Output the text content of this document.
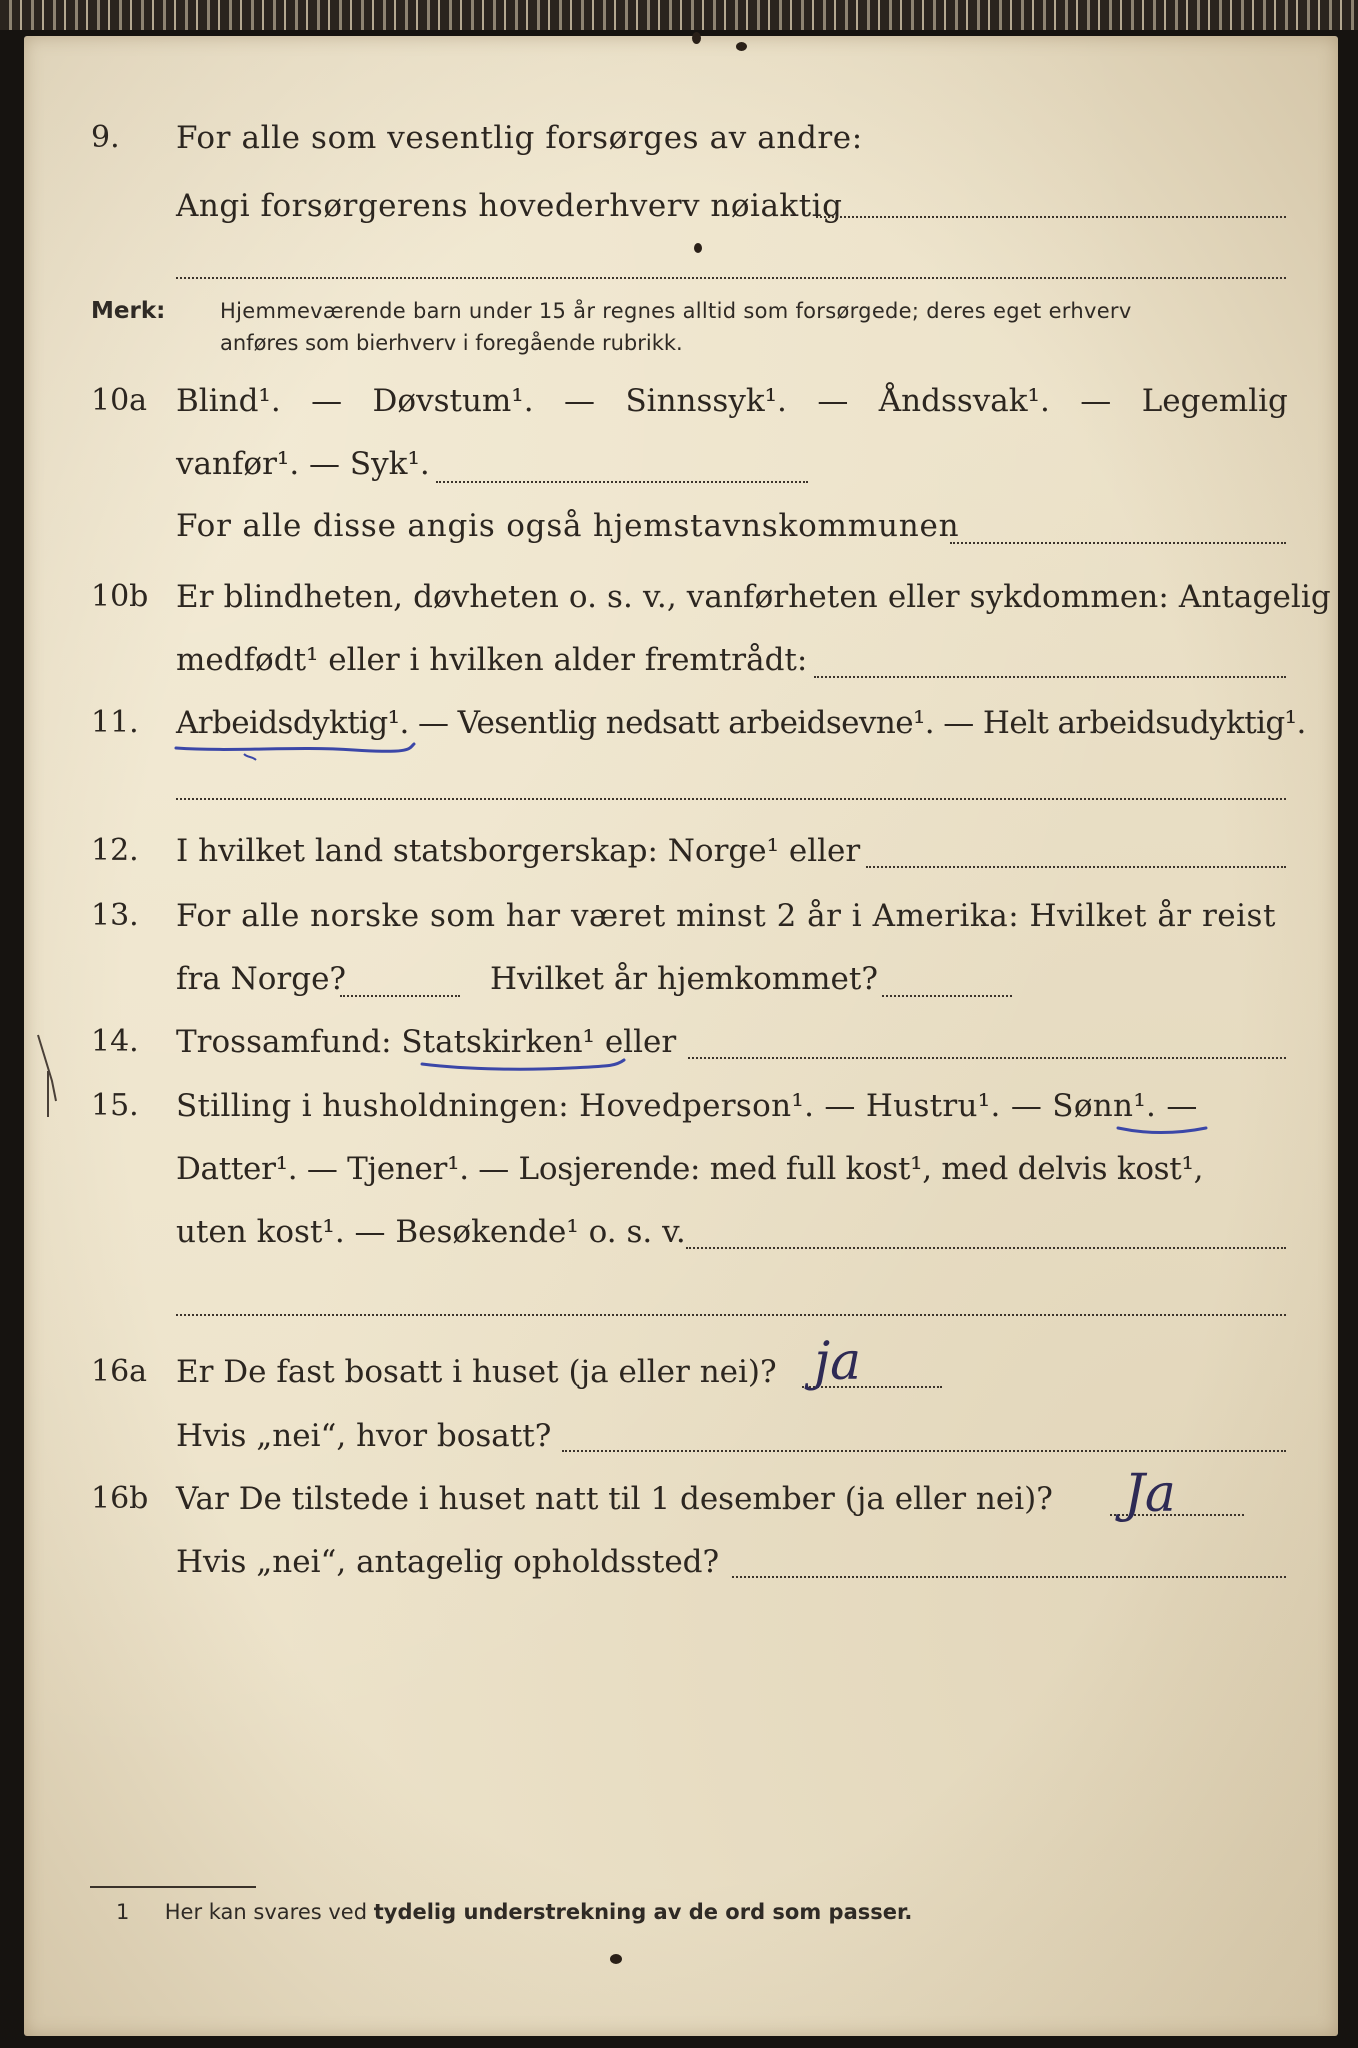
9.	For alle som vesentlig forsørges av andre:
Angi forsørgerens hovederhverv nøiaktig
Merk:	Hjemmeværende barn under 15 år regnes alltid som forsørgede; deres eget erhverv
anføres som bierhverv i foregående rubrikk.
10a Blind¹. — Døvstum¹. — Sinnssyk¹. — Åndssvak¹. — Legemlig
vanfør¹. — Syk¹.
For alle disse angis også hjemstavnskommunen
10b Er blindheten, døvheten o. s. v., vanførheten eller sykdommen: Antagelig
medfødt¹ eller i hvilken alder fremtrådt:
11.	Arbeidsdyktig¹. — Vesentlig nedsatt arbeidsevne¹. — Helt arbeidsudyktig¹.
12.	I hvilket land statsborgerskap: Norge¹ eller
13.	For alle norske som har været minst 2 år i Amerika: Hvilket år reist
fra Norge?	Hvilket år hjemkommet?
14.	Trossamfund: Statskirken¹ eller
15.	Stilling i husholdningen: Hovedperson¹. — Hustru¹. — Sønn¹. —
Datter¹. — Tjener¹. — Losjerende: med full kost¹, med delvis kost¹,
uten kost¹. — Besøkende¹ o. s. v.
16a Er De fast bosatt i huset (ja eller nei)? ja
Hvis „nei“, hvor bosatt?
16b Var De tilstede i huset natt til 1 desember (ja eller nei)? Ja
Hvis „nei“, antagelig opholdssted?
1 Her kan svares ved tydelig understrekning av de ord som passer.
